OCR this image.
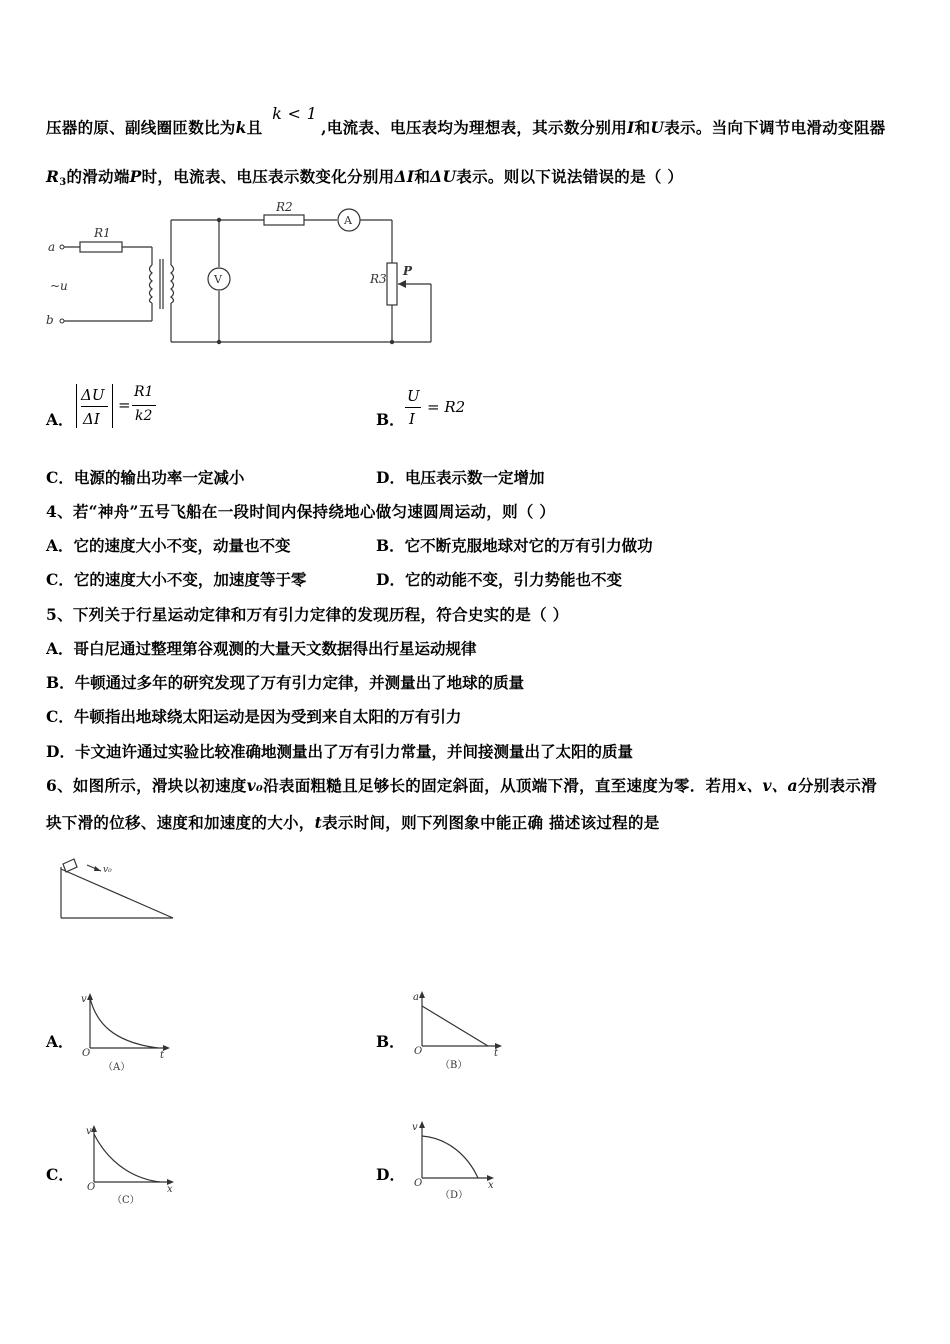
压器的原、副线圈匝数比为k且 k < 1,电流表、电压表均为理想表，其示数分别用I和U表示。当向下调节电滑动变阻器
$R_3$的滑动端P时，电流表、电压表示数变化分别用ΔI和ΔU表示。则以下说法错误的是（ ）
a
b
~u
R1
R2
R3
P
A
V
A．
ΔU
ΔI
=
R1
k2	B．
U
I
= R2
C．电源的输出功率一定减小	D．电压表示数一定增加
4、若“神舟”五号飞船在一段时间内保持绕地心做匀速圆周运动，则（ ）
A．它的速度大小不变，动量也不变	B．它不断克服地球对它的万有引力做功
C．它的速度大小不变，加速度等于零	D．它的动能不变，引力势能也不变
5、下列关于行星运动定律和万有引力定律的发现历程，符合史实的是（ ）
A．哥白尼通过整理第谷观测的大量天文数据得出行星运动规律
B．牛顿通过多年的研究发现了万有引力定律，并测量出了地球的质量
C．牛顿指出地球绕太阳运动是因为受到来自太阳的万有引力
D．卡文迪许通过实验比较准确地测量出了万有引力常量，并间接测量出了太阳的质量
6、如图所示，滑块以初速度v₀沿表面粗糙且足够长的固定斜面，从顶端下滑，直至速度为零．若用x、v、a分别表示滑
块下滑的位移、速度和加速度的大小，t表示时间，则下列图象中能正确 描述该过程的是
v₀
A．
v
t
O
（A）
B．
a
t
O
（B）
C．
v
x
O
（C）
D．
v
x
O
（D）
